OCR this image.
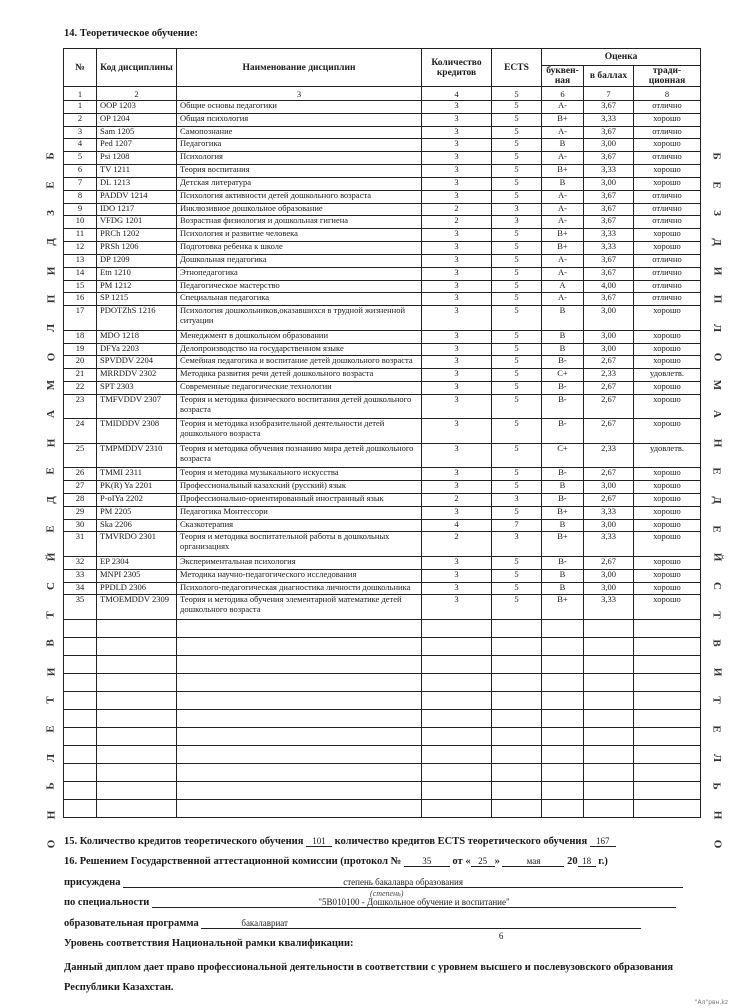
Б
Е
З
Д
И
П
Л
О
М
А
Н
Е
Д
Е
Й
С
Т
В
И
Т
Е
Л
Ь
Н
О
Б
Е
З
Д
И
П
Л
О
М
А
Н
Е
Д
Е
Й
С
Т
В
И
Т
Е
Л
Ь
Н
О
14. Теоретическое обучение:
№	Код дисциплины	Наименование дисциплин	Количество кредитов	ECTS	Оценка		
					буквен-ная	в баллах	тради-ционная
1	2	3	4	5	6	7	8
1	OOP 1203	Общие основы педагогики	3	5	A-	3,67	отлично
2	OP 1204	Общая психология	3	5	B+	3,33	хорошо
3	Sam 1205	Самопознание	3	5	A-	3,67	отлично
4	Ped 1207	Педагогика	3	5	B	3,00	хорошо
5	Psi 1208	Психология	3	5	A-	3,67	отлично
6	TV 1211	Теория воспитания	3	5	B+	3,33	хорошо
7	DL 1213	Детская литература	3	5	B	3,00	хорошо
8	PADDV 1214	Психология активности детей дошкольного возраста	3	5	A-	3,67	отлично
9	IDO 1217	Инклюзивное дошкольное образование	2	3	A-	3,67	отлично
10	VFDG 1201	Возрастная физиология и дошкольная гигиена	2	3	A-	3,67	отлично
11	PRCh 1202	Психология и развитие человека	3	5	B+	3,33	хорошо
12	PRSh 1206	Подготовка ребенка к школе	3	5	B+	3,33	хорошо
13	DP 1209	Дошкольная педагогика	3	5	A-	3,67	отлично
14	Etn 1210	Этнопедагогика	3	5	A-	3,67	отлично
15	PM 1212	Педагогическое мастерство	3	5	A	4,00	отлично
16	SP 1215	Специальная педагогика	3	5	A-	3,67	отлично
17	PDOTZhS 1216	Психология дошкольников,оказавшихся в трудной жизненной ситуации	3	5	B	3,00	хорошо
18	MDO 1218	Менеджмент в дошкольном образовании	3	5	B	3,00	хорошо
19	DFYa 2203	Делопроизводство на государственном языке	3	5	B	3,00	хорошо
20	SPVDDV 2204	Семейная педагогика и воспитание детей дошкольного возраста	3	5	B-	2,67	хорошо
21	MRRDDV 2302	Методика развития речи детей дошкольного возраста	3	5	C+	2,33	удовлетв.
22	SPT 2303	Современные педагогические технологии	3	5	B-	2,67	хорошо
23	TMFVDDV 2307	Теория и методика физического воспитания детей дошкольного возраста	3	5	B-	2,67	хорошо
24	TMIDDDV 2308	Теория и методика изобразительной деятельности детей дошкольного возраста	3	5	B-	2,67	хорошо
25	TMPMDDV 2310	Теория и методика обучения познанию мира детей дошкольного возраста	3	5	C+	2,33	удовлетв.
26	TMMI 2311	Теория и методика музыкального искусства	3	5	B-	2,67	хорошо
27	PK(R) Ya 2201	Профессиональный казахский (русский) язык	3	5	B	3,00	хорошо
28	P-oIYa 2202	Профессионально-ориентированный иностранный язык	2	3	B-	2,67	хорошо
29	PM 2205	Педагогика Монтессори	3	5	B+	3,33	хорошо
30	Ska 2206	Сказкотерапия	4	7	B	3,00	хорошо
31	TMVRDO 2301	Теория и методика воспитательной работы в дошкольных организациях	2	3	B+	3,33	хорошо
32	EP 2304	Экспериментальная психология	3	5	B-	2,67	хорошо
33	MNPI 2305	Методика научно-педагогического исследования	3	5	B	3,00	хорошо
34	PPDLD 2306	Психолого-педагогическая диагностика личности дошкольника	3	5	B	3,00	хорошо
35	TMOEMDDV 2309	Теория и методика обучения элементарной математике детей дошкольного возраста	3	5	B+	3,33	хорошо

15. Количество кредитов теоретического обучения 101 количество кредитов ECTS теоретического обучения 167
16. Решением Государственной аттестационной комиссии (протокол № 35 от « 25 »	мая	20 18 г.)
присуждена	степень бакалавра образования
(степень)
по специальности	"5В010100 - Дошкольное обучение и воспитание"
образовательная программа	бакалавриат
Уровень соответствия Национальной рамки квалификации: 6
Данный диплом дает право профессиональной деятельности в соответствии с уровнем высшего и послевузовского образования Республики Казахстан.
"Ал"рвн.kz
